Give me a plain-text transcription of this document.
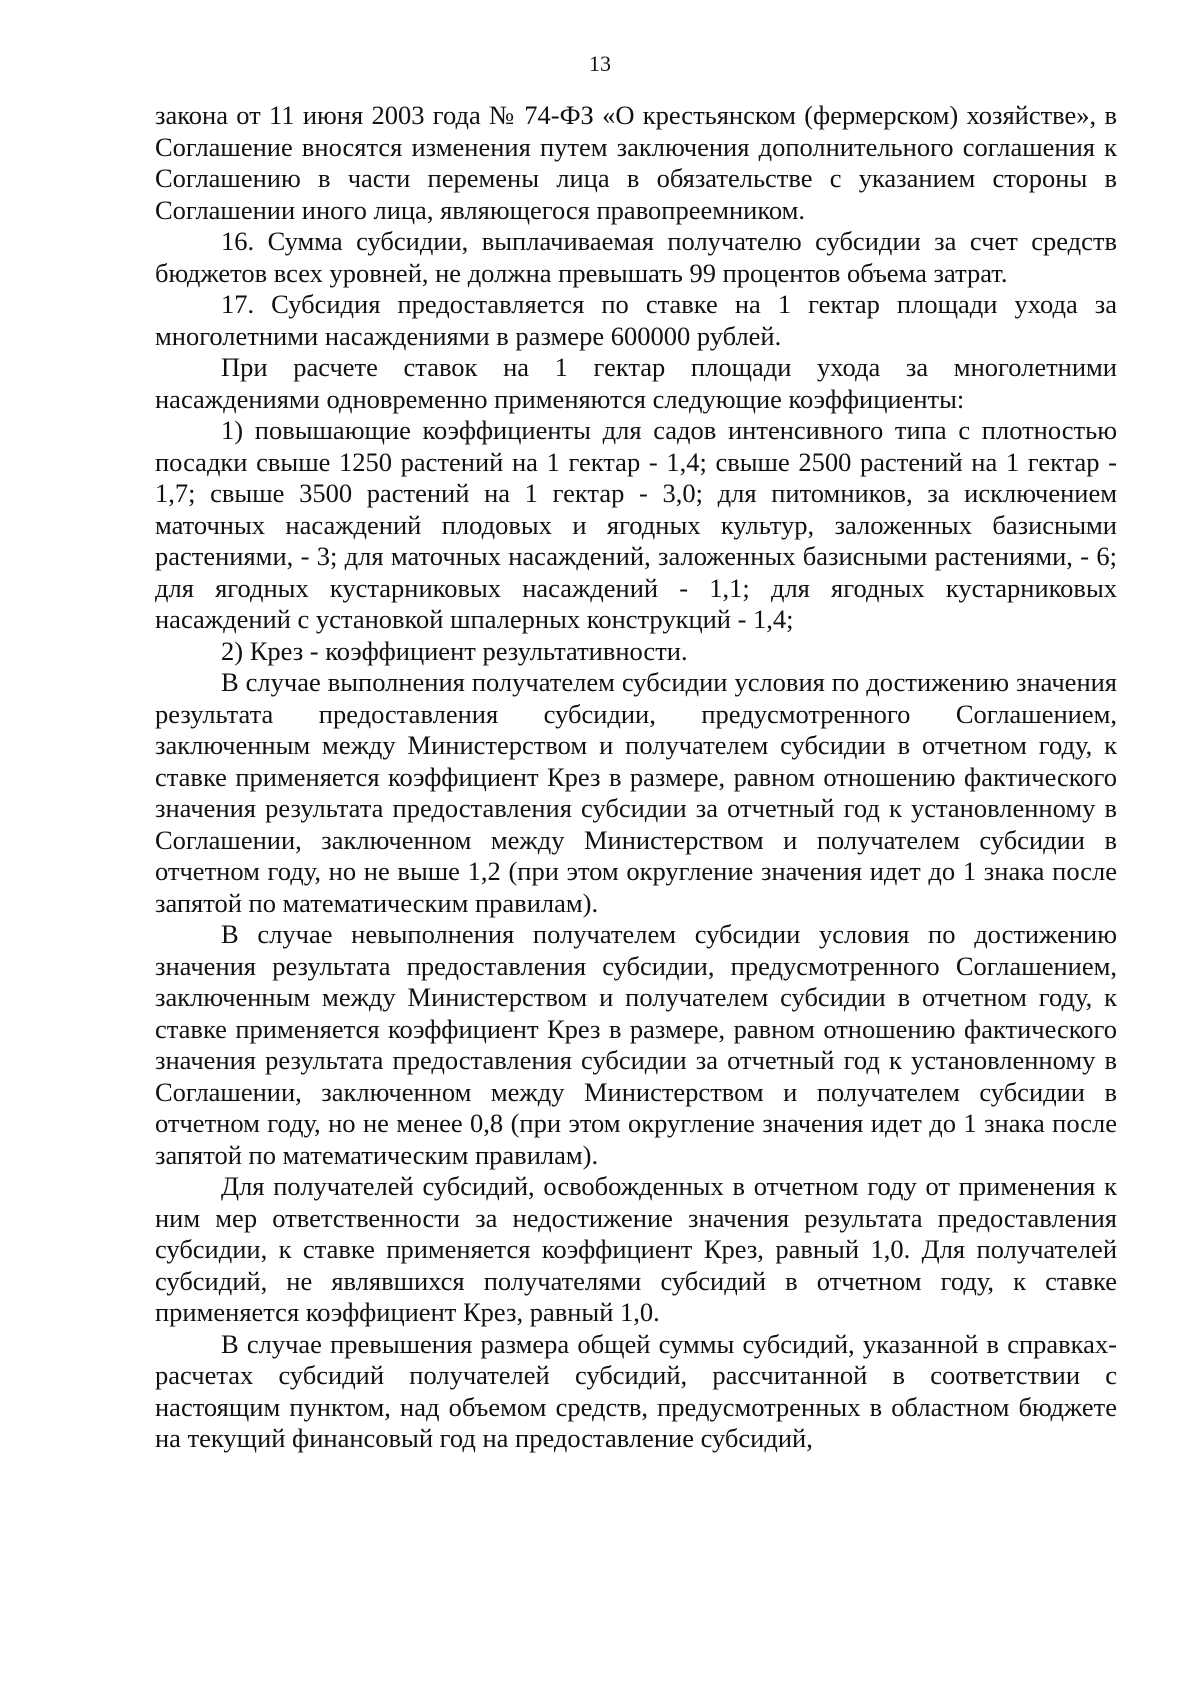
13

закона от 11 июня 2003 года № 74-ФЗ «О крестьянском (фермерском) хозяйстве», в Соглашение вносятся изменения путем заключения дополнительного соглашения к Соглашению в части перемены лица в обязательстве с указанием стороны в Соглашении иного лица, являющегося правопреемником.

16. Сумма субсидии, выплачиваемая получателю субсидии за счет средств бюджетов всех уровней, не должна превышать 99 процентов объема затрат.

17. Субсидия предоставляется по ставке на 1 гектар площади ухода за многолетними насаждениями в размере 600000 рублей.

При расчете ставок на 1 гектар площади ухода за многолетними насаждениями одновременно применяются следующие коэффициенты:

1) повышающие коэффициенты для садов интенсивного типа с плотностью посадки свыше 1250 растений на 1 гектар - 1,4; свыше 2500 растений на 1 гектар - 1,7; свыше 3500 растений на 1 гектар - 3,0; для питомников, за исключением маточных насаждений плодовых и ягодных культур, заложенных базисными растениями, - 3; для маточных насаждений, заложенных базисными растениями, - 6; для ягодных кустарниковых насаждений - 1,1; для ягодных кустарниковых насаждений с установкой шпалерных конструкций - 1,4;

2) Крез - коэффициент результативности.

В случае выполнения получателем субсидии условия по достижению значения результата предоставления субсидии, предусмотренного Соглашением, заключенным между Министерством и получателем субсидии в отчетном году, к ставке применяется коэффициент Крез в размере, равном отношению фактического значения результата предоставления субсидии за отчетный год к установленному в Соглашении, заключенном между Министерством и получателем субсидии в отчетном году, но не выше 1,2 (при этом округление значения идет до 1 знака после запятой по математическим правилам).

В случае невыполнения получателем субсидии условия по достижению значения результата предоставления субсидии, предусмотренного Соглашением, заключенным между Министерством и получателем субсидии в отчетном году, к ставке применяется коэффициент Крез в размере, равном отношению фактического значения результата предоставления субсидии за отчетный год к установленному в Соглашении, заключенном между Министерством и получателем субсидии в отчетном году, но не менее 0,8 (при этом округление значения идет до 1 знака после запятой по математическим правилам).

Для получателей субсидий, освобожденных в отчетном году от применения к ним мер ответственности за недостижение значения результата предоставления субсидии, к ставке применяется коэффициент Крез, равный 1,0. Для получателей субсидий, не являвшихся получателями субсидий в отчетном году, к ставке применяется коэффициент Крез, равный 1,0.

В случае превышения размера общей суммы субсидий, указанной в справках-расчетах субсидий получателей субсидий, рассчитанной в соответствии с настоящим пунктом, над объемом средств, предусмотренных в областном бюджете на текущий финансовый год на предоставление субсидий,
